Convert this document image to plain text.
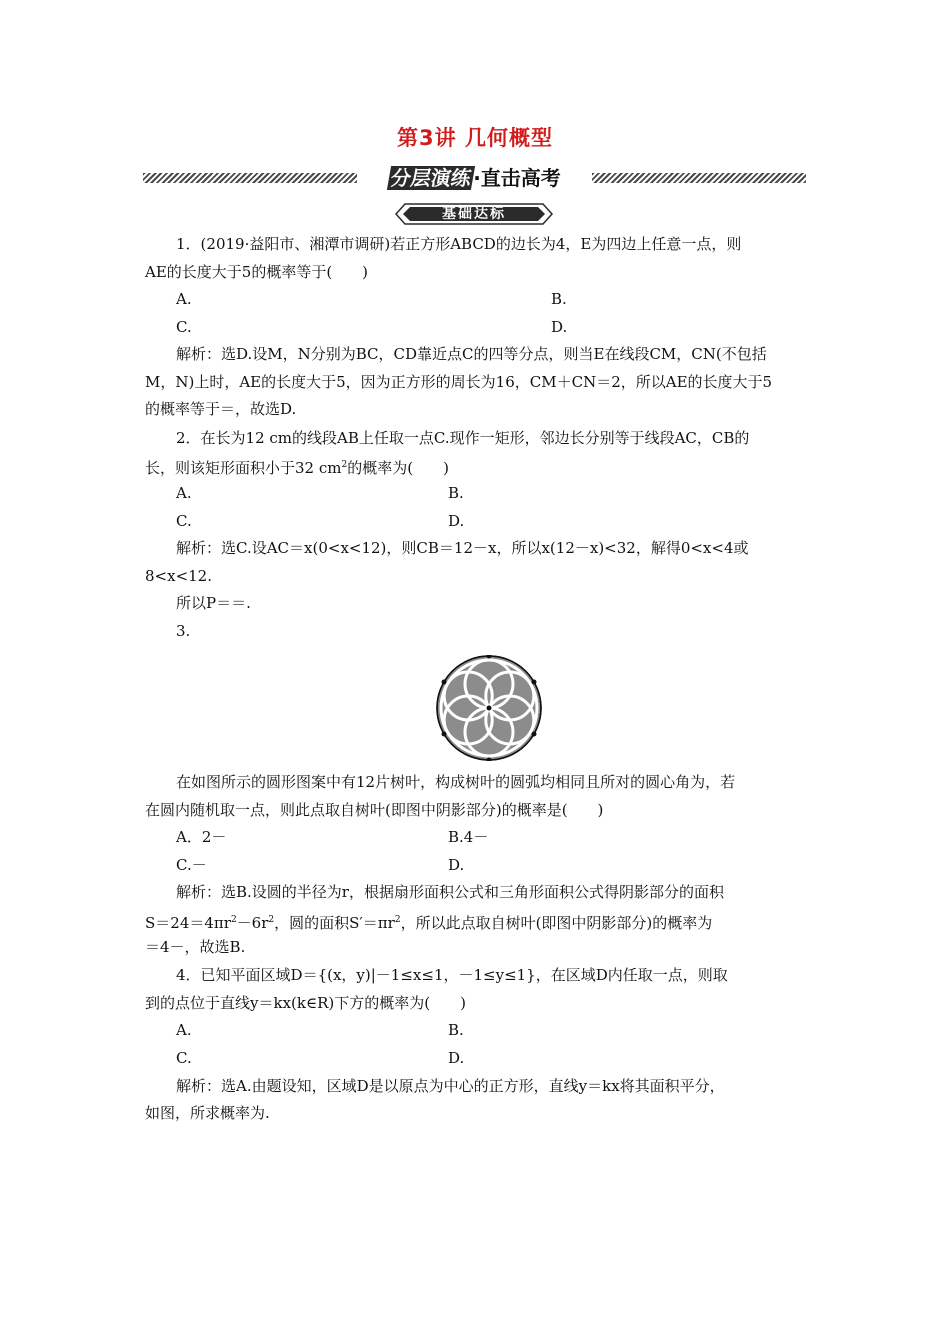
第3讲 几何概型
分层演练·直击高考
基础达标
1．(2019·益阳市、湘潭市调研)若正方形ABCD的边长为4，E为四边上任意一点，则
AE的长度大于5的概率等于(　　)
A.	B.
C.	D.
解析：选D.设M，N分别为BC，CD靠近点C的四等分点，则当E在线段CM，CN(不包括
M，N)上时，AE的长度大于5，因为正方形的周长为16，CM＋CN＝2，所以AE的长度大于5
的概率等于＝，故选D.
2．在长为12 cm的线段AB上任取一点C.现作一矩形，邻边长分别等于线段AC，CB的
长，则该矩形面积小于32 $cm^2$的概率为(　　)
A.	B.
C.	D.
解析：选C.设AC＝x(0<x<12)，则CB＝12－x，所以x(12－x)<32，解得0<x<4或
8<x<12.
所以P＝＝.
3.
在如图所示的圆形图案中有12片树叶，构成树叶的圆弧均相同且所对的圆心角为，若
在圆内随机取一点，则此点取自树叶(即图中阴影部分)的概率是(　　)
A．2－	B.4－
C.－	D.
解析：选B.设圆的半径为r，根据扇形面积公式和三角形面积公式得阴影部分的面积
$S=24=4\pi r^2-6r^2$，圆的面积$S'=\pi r^2$，所以此点取自树叶(即图中阴影部分)的概率为
＝4－，故选B.
4．已知平面区域D＝{(x，y)|－1≤x≤1，－1≤y≤1}，在区域D内任取一点，则取
到的点位于直线y＝kx(k∈R)下方的概率为(　　)
A.	B.
C.	D.
解析：选A.由题设知，区域D是以原点为中心的正方形，直线y＝kx将其面积平分，
如图，所求概率为.
